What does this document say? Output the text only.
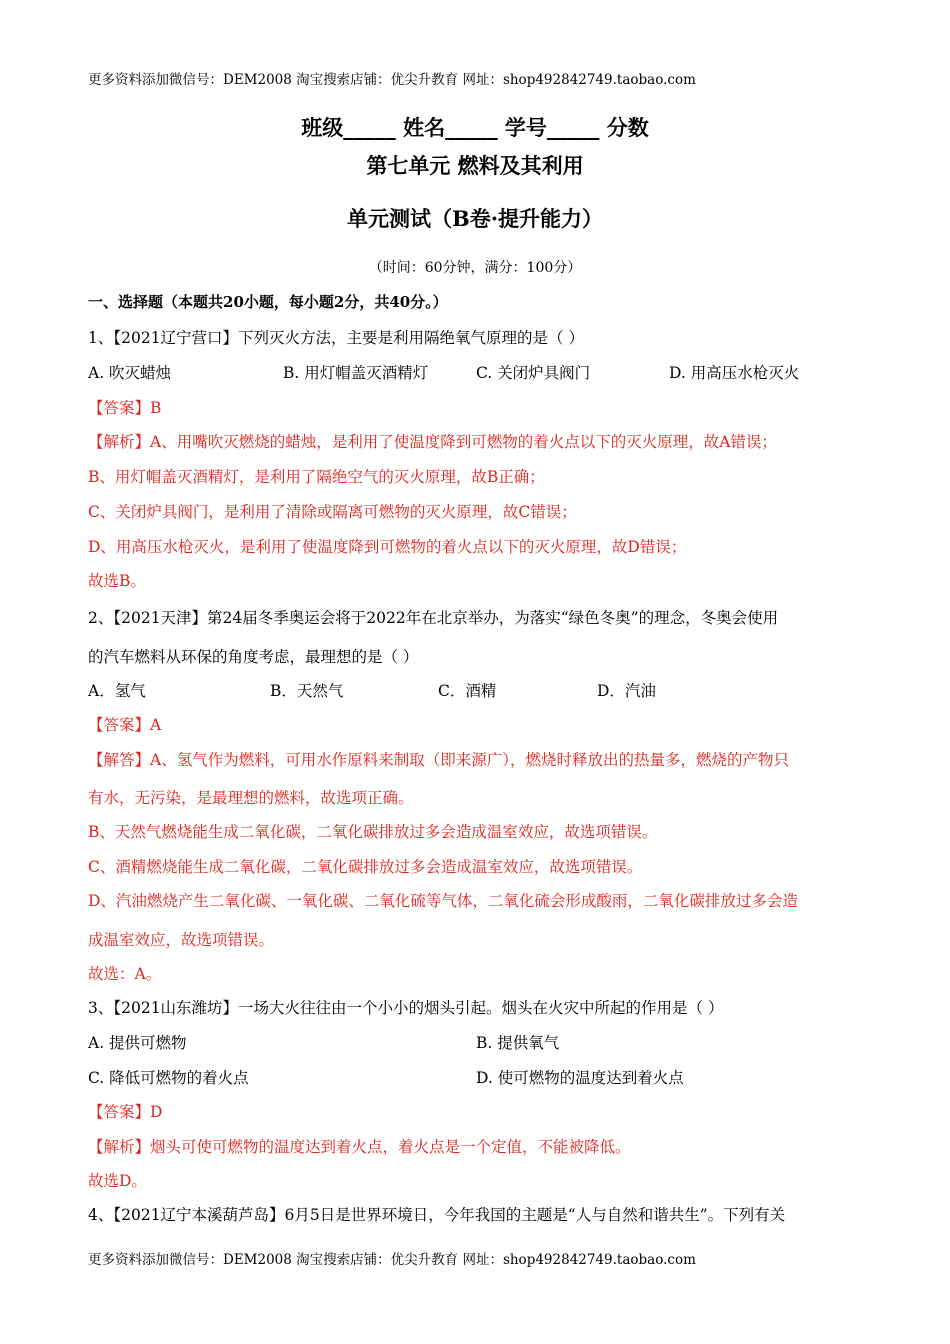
更多资料添加微信号：DEM2008 淘宝搜索店铺：优尖升教育 网址：shop492842749.taobao.com
班级_____ 姓名_____ 学号_____ 分数
第七单元 燃料及其利用
单元测试（B卷·提升能力）
（时间：60分钟，满分：100分）
一、选择题（本题共20小题，每小题2分，共40分。）
1、【2021辽宁营口】下列灭火方法，主要是利用隔绝氧气原理的是（ ）
A. 吹灭蜡烛	B. 用灯帽盖灭酒精灯	C. 关闭炉具阀门	D. 用高压水枪灭火
【答案】B
【解析】A、用嘴吹灭燃烧的蜡烛，是利用了使温度降到可燃物的着火点以下的灭火原理，故A错误；
B、用灯帽盖灭酒精灯，是利用了隔绝空气的灭火原理，故B正确；
C、关闭炉具阀门，是利用了清除或隔离可燃物的灭火原理，故C错误；
D、用高压水枪灭火，是利用了使温度降到可燃物的着火点以下的灭火原理，故D错误；
故选B。
2、【2021天津】第24届冬季奥运会将于2022年在北京举办，为落实“绿色冬奥”的理念，冬奥会使用
的汽车燃料从环保的角度考虑，最理想的是（ ）
A．氢气	B．天然气	C．酒精	D．汽油
【答案】A
【解答】A、氢气作为燃料，可用水作原料来制取（即来源广），燃烧时释放出的热量多，燃烧的产物只
有水，无污染，是最理想的燃料，故选项正确。
B、天然气燃烧能生成二氧化碳，二氧化碳排放过多会造成温室效应，故选项错误。
C、酒精燃烧能生成二氧化碳，二氧化碳排放过多会造成温室效应，故选项错误。
D、汽油燃烧产生二氧化碳、一氧化碳、二氧化硫等气体，二氧化硫会形成酸雨，二氧化碳排放过多会造
成温室效应，故选项错误。
故选：A。
3、【2021山东潍坊】一场大火往往由一个小小的烟头引起。烟头在火灾中所起的作用是（ ）
A. 提供可燃物	B. 提供氧气
C. 降低可燃物的着火点	D. 使可燃物的温度达到着火点
【答案】D
【解析】烟头可使可燃物的温度达到着火点，着火点是一个定值，不能被降低。
故选D。
4、【2021辽宁本溪葫芦岛】6月5日是世界环境日，今年我国的主题是“人与自然和谐共生”。下列有关
更多资料添加微信号：DEM2008 淘宝搜索店铺：优尖升教育 网址：shop492842749.taobao.com
